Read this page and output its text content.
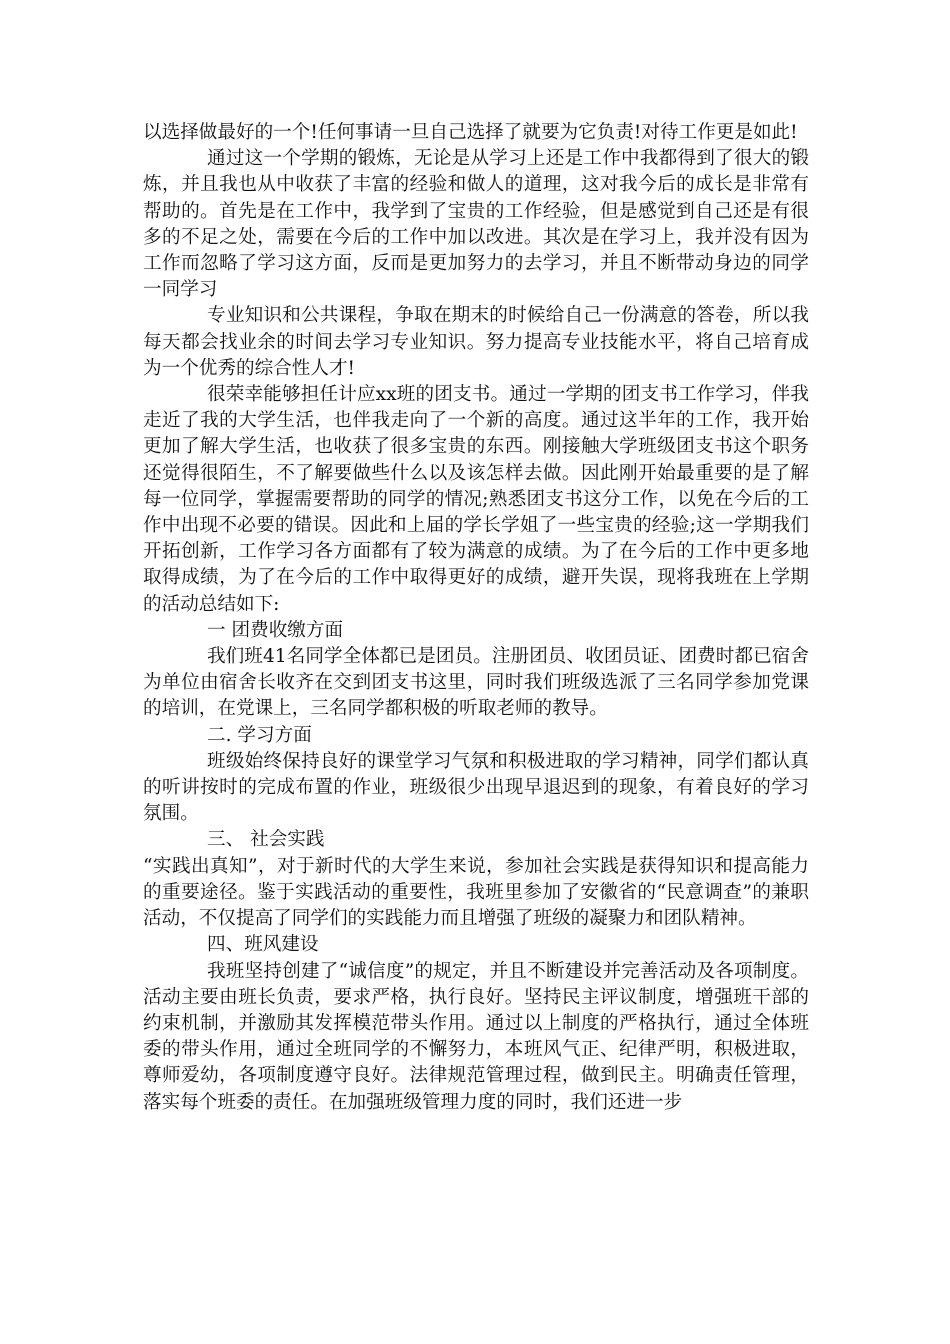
以选择做最好的一个!任何事请一旦自己选择了就要为它负责!对待工作更是如此!

通过这一个学期的锻炼，无论是从学习上还是工作中我都得到了很大的锻炼，并且我也从中收获了丰富的经验和做人的道理，这对我今后的成长是非常有帮助的。首先是在工作中，我学到了宝贵的工作经验，但是感觉到自己还是有很多的不足之处，需要在今后的工作中加以改进。其次是在学习上，我并没有因为工作而忽略了学习这方面，反而是更加努力的去学习，并且不断带动身边的同学一同学习

专业知识和公共课程，争取在期末的时候给自己一份满意的答卷，所以我每天都会找业余的时间去学习专业知识。努力提高专业技能水平，将自己培育成为一个优秀的综合性人才!

很荣幸能够担任计应xx班的团支书。通过一学期的团支书工作学习，伴我走近了我的大学生活，也伴我走向了一个新的高度。通过这半年的工作，我开始更加了解大学生活，也收获了很多宝贵的东西。刚接触大学班级团支书这个职务还觉得很陌生，不了解要做些什么以及该怎样去做。因此刚开始最重要的是了解每一位同学，掌握需要帮助的同学的情况;熟悉团支书这分工作，以免在今后的工作中出现不必要的错误。因此和上届的学长学姐了一些宝贵的经验;这一学期我们开拓创新，工作学习各方面都有了较为满意的成绩。为了在今后的工作中更多地取得成绩，为了在今后的工作中取得更好的成绩，避开失误，现将我班在上学期的活动总结如下:

一 团费收缴方面

我们班41名同学全体都已是团员。注册团员、收团员证、团费时都已宿舍为单位由宿舍长收齐在交到团支书这里，同时我们班级选派了三名同学参加党课的培训，在党课上，三名同学都积极的听取老师的教导。

二. 学习方面

班级始终保持良好的课堂学习气氛和积极进取的学习精神，同学们都认真的听讲按时的完成布置的作业，班级很少出现早退迟到的现象，有着良好的学习氛围。

三、 社会实践

“实践出真知”，对于新时代的大学生来说，参加社会实践是获得知识和提高能力的重要途径。鉴于实践活动的重要性，我班里参加了安徽省的“民意调查”的兼职活动，不仅提高了同学们的实践能力而且增强了班级的凝聚力和团队精神。

四、班风建设

我班坚持创建了“诚信度”的规定，并且不断建设并完善活动及各项制度。活动主要由班长负责，要求严格，执行良好。坚持民主评议制度，增强班干部的约束机制，并激励其发挥模范带头作用。通过以上制度的严格执行，通过全体班委的带头作用，通过全班同学的不懈努力，本班风气正、纪律严明，积极进取，尊师爱幼，各项制度遵守良好。法律规范管理过程，做到民主。明确责任管理，落实每个班委的责任。在加强班级管理力度的同时，我们还进一步
